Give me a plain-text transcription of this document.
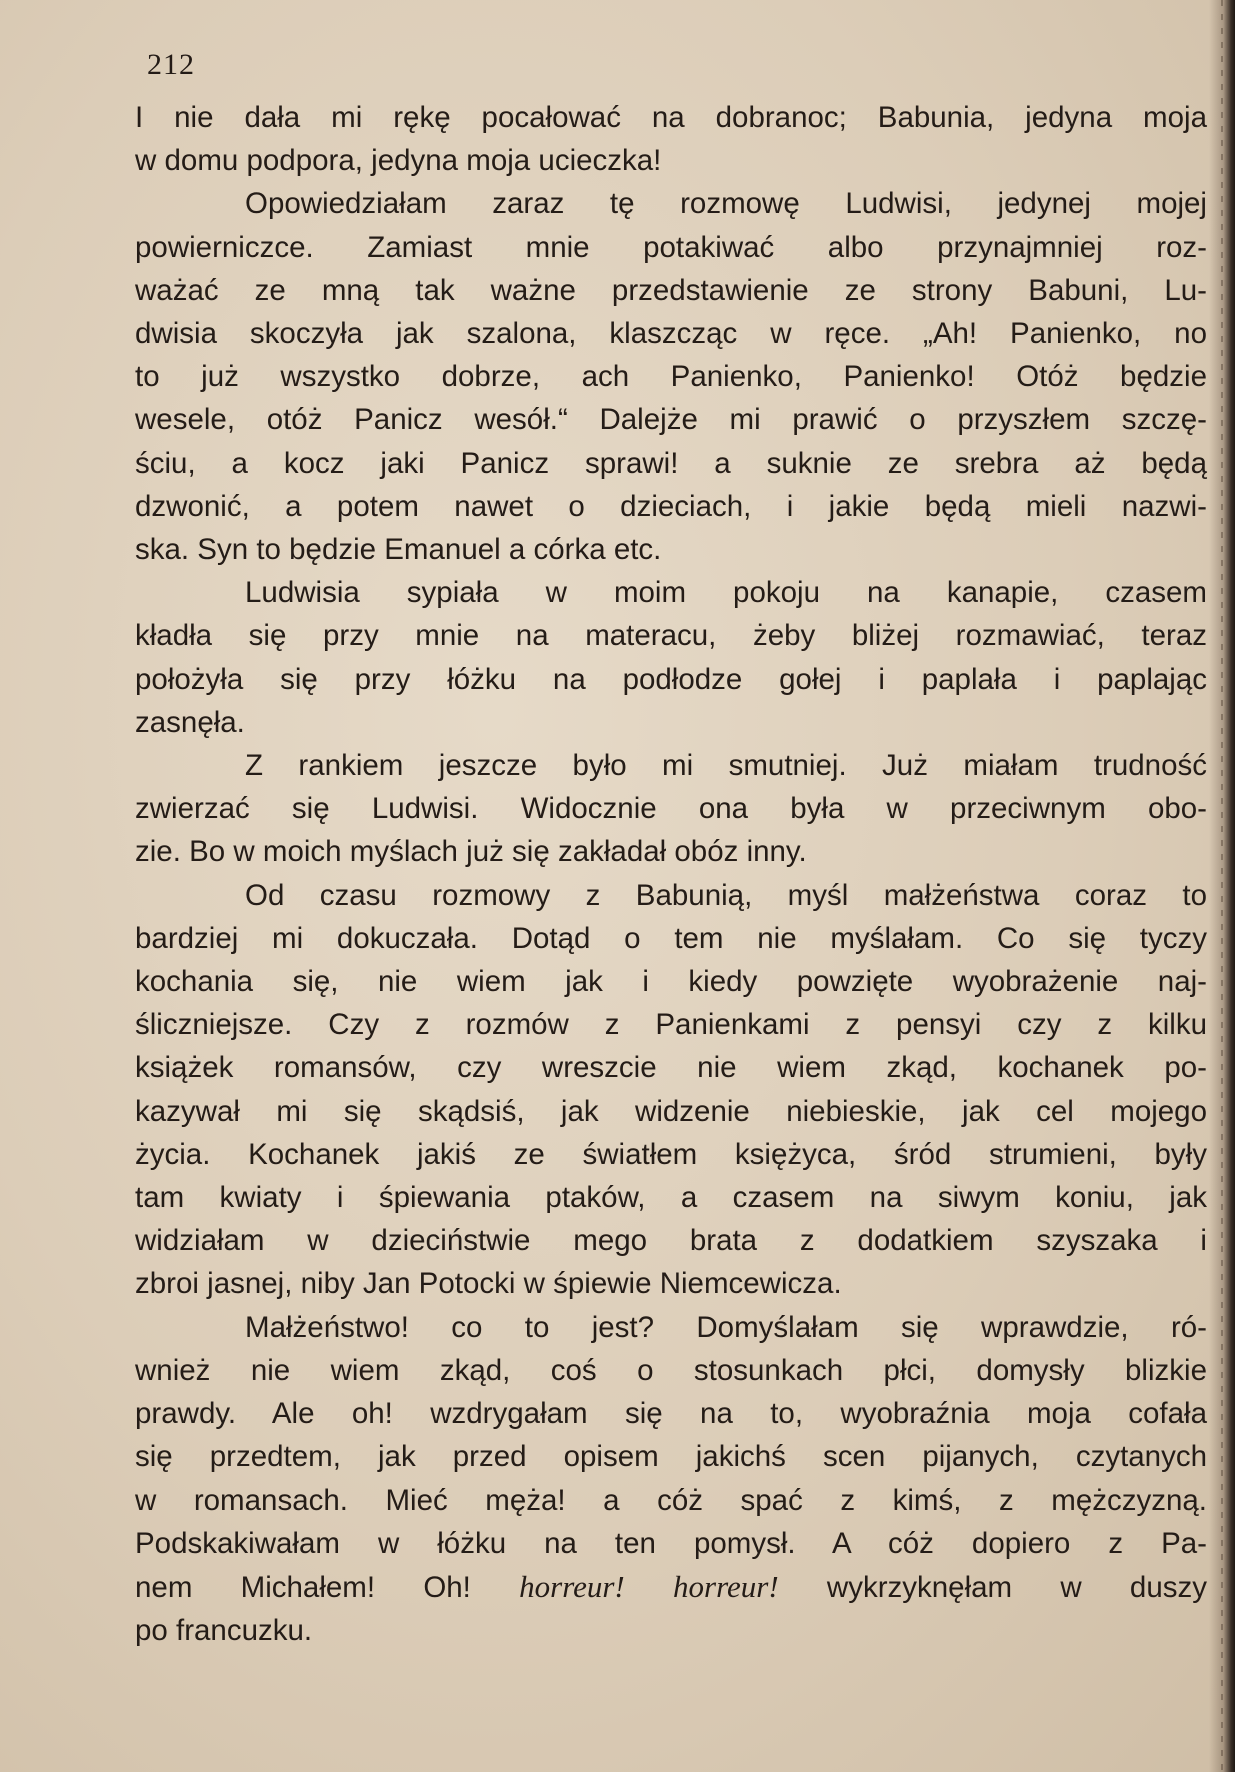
212
I nie dała mi rękę pocałować na dobranoc; Babunia, jedyna moja
w domu podpora, jedyna moja ucieczka!
Opowiedziałam zaraz tę rozmowę Ludwisi, jedynej mojej
powierniczce. Zamiast mnie potakiwać albo przynajmniej roz-
ważać ze mną tak ważne przedstawienie ze strony Babuni, Lu-
dwisia skoczyła jak szalona, klaszcząc w ręce. „Ah! Panienko, no
to już wszystko dobrze, ach Panienko, Panienko! Otóż będzie
wesele, otóż Panicz wesół.“ Dalejże mi prawić o przyszłem szczę-
ściu, a kocz jaki Panicz sprawi! a suknie ze srebra aż będą
dzwonić, a potem nawet o dzieciach, i jakie będą mieli nazwi-
ska. Syn to będzie Emanuel a córka etc.
Ludwisia sypiała w moim pokoju na kanapie, czasem
kładła się przy mnie na materacu, żeby bliżej rozmawiać, teraz
położyła się przy łóżku na podłodze gołej i paplała i paplając
zasnęła.
Z rankiem jeszcze było mi smutniej. Już miałam trudność
zwierzać się Ludwisi. Widocznie ona była w przeciwnym obo-
zie. Bo w moich myślach już się zakładał obóz inny.
Od czasu rozmowy z Babunią, myśl małżeństwa coraz to
bardziej mi dokuczała. Dotąd o tem nie myślałam. Co się tyczy
kochania się, nie wiem jak i kiedy powzięte wyobrażenie naj-
śliczniejsze. Czy z rozmów z Panienkami z pensyi czy z kilku
książek romansów, czy wreszcie nie wiem zkąd, kochanek po-
kazywał mi się skądsiś, jak widzenie niebieskie, jak cel mojego
życia. Kochanek jakiś ze światłem księżyca, śród strumieni, były
tam kwiaty i śpiewania ptaków, a czasem na siwym koniu, jak
widziałam w dzieciństwie mego brata z dodatkiem szyszaka i
zbroi jasnej, niby Jan Potocki w śpiewie Niemcewicza.
Małżeństwo! co to jest? Domyślałam się wprawdzie, ró-
wnież nie wiem zkąd, coś o stosunkach płci, domysły blizkie
prawdy. Ale oh! wzdrygałam się na to, wyobraźnia moja cofała
się przedtem, jak przed opisem jakichś scen pijanych, czytanych
w romansach. Mieć męża! a cóż spać z kimś, z mężczyzną.
Podskakiwałam w łóżku na ten pomysł. A cóż dopiero z Pa-
nem Michałem! Oh! horreur! horreur! wykrzyknęłam w duszy
po francuzku.
